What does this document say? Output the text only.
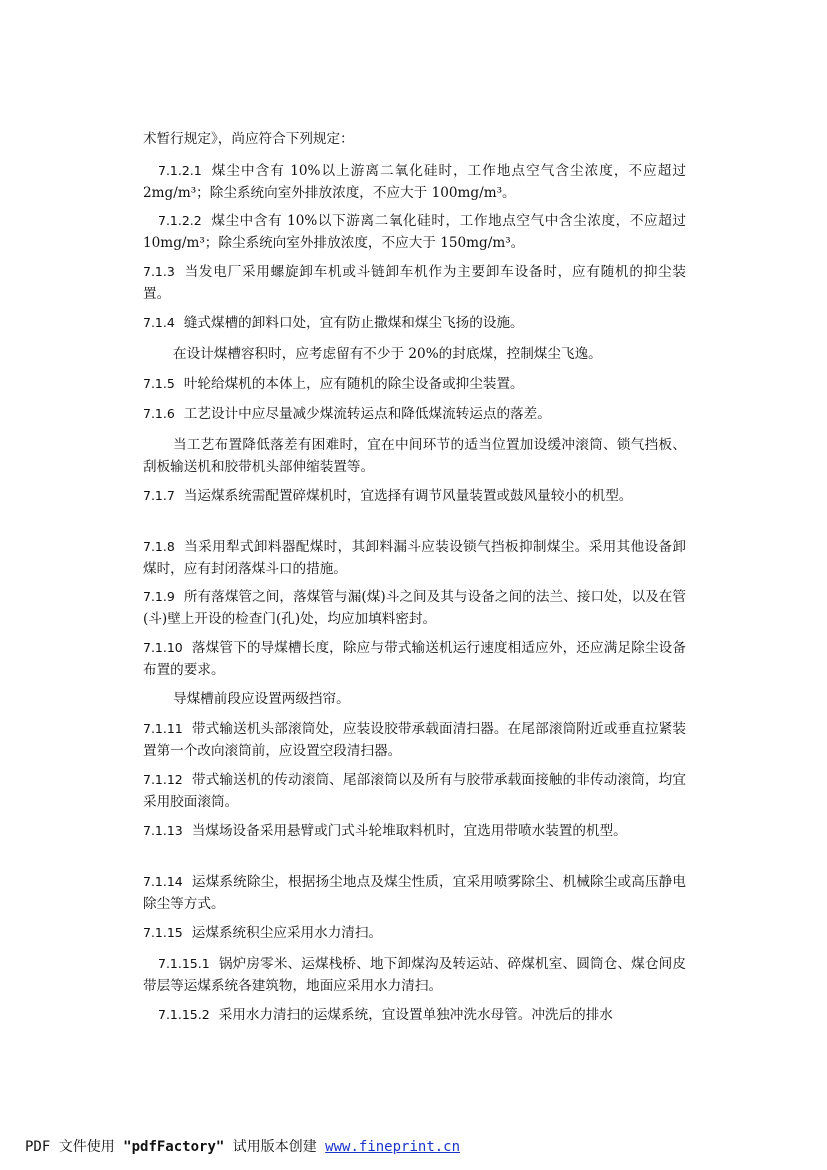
术暂行规定》，尚应符合下列规定：

7.1.2.1 煤尘中含有 10%以上游离二氧化硅时，工作地点空气含尘浓度，不应超过 2mg/m³；除尘系统向室外排放浓度，不应大于 100mg/m³。

7.1.2.2 煤尘中含有 10%以下游离二氧化硅时，工作地点空气中含尘浓度，不应超过 10mg/m³；除尘系统向室外排放浓度，不应大于 150mg/m³。

7.1.3 当发电厂采用螺旋卸车机或斗链卸车机作为主要卸车设备时，应有随机的抑尘装置。

7.1.4 缝式煤槽的卸料口处，宜有防止撒煤和煤尘飞扬的设施。

在设计煤槽容积时，应考虑留有不少于 20%的封底煤，控制煤尘飞逸。

7.1.5 叶轮给煤机的本体上，应有随机的除尘设备或抑尘装置。

7.1.6 工艺设计中应尽量减少煤流转运点和降低煤流转运点的落差。

当工艺布置降低落差有困难时，宜在中间环节的适当位置加设缓冲滚筒、锁气挡板、刮板输送机和胶带机头部伸缩装置等。

7.1.7 当运煤系统需配置碎煤机时，宜选择有调节风量装置或鼓风量较小的机型。

7.1.8 当采用犁式卸料器配煤时，其卸料漏斗应装设锁气挡板抑制煤尘。采用其他设备卸煤时，应有封闭落煤斗口的措施。

7.1.9 所有落煤管之间，落煤管与漏(煤)斗之间及其与设备之间的法兰、接口处，以及在管(斗)壁上开设的检查门(孔)处，均应加填料密封。

7.1.10 落煤管下的导煤槽长度，除应与带式输送机运行速度相适应外，还应满足除尘设备布置的要求。

导煤槽前段应设置两级挡帘。

7.1.11 带式输送机头部滚筒处，应装设胶带承载面清扫器。在尾部滚筒附近或垂直拉紧装置第一个改向滚筒前，应设置空段清扫器。

7.1.12 带式输送机的传动滚筒、尾部滚筒以及所有与胶带承载面接触的非传动滚筒，均宜采用胶面滚筒。

7.1.13 当煤场设备采用悬臂或门式斗轮堆取料机时，宜选用带喷水装置的机型。

7.1.14 运煤系统除尘，根据扬尘地点及煤尘性质，宜采用喷雾除尘、机械除尘或高压静电除尘等方式。

7.1.15 运煤系统积尘应采用水力清扫。

7.1.15.1 锅炉房零米、运煤栈桥、地下卸煤沟及转运站、碎煤机室、圆筒仓、煤仓间皮带层等运煤系统各建筑物，地面应采用水力清扫。

7.1.15.2 采用水力清扫的运煤系统，宜设置单独冲洗水母管。冲洗后的排水

PDF 文件使用 "pdfFactory" 试用版本创建 www.fineprint.cn
